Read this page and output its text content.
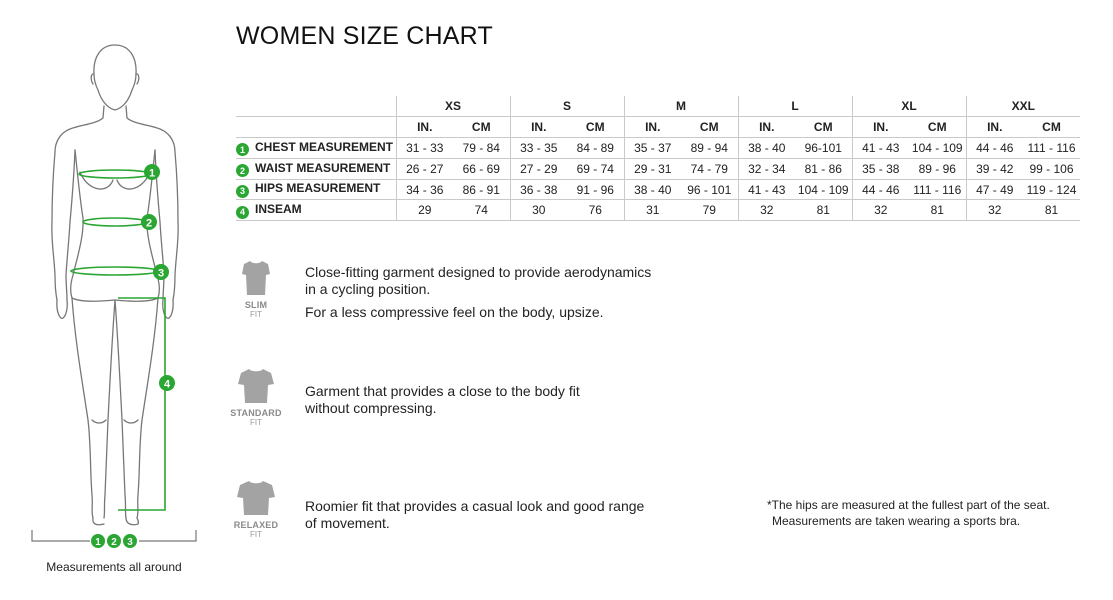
1
2
3
4
1 2 3
Measurements all around
WOMEN SIZE CHART
	XS		S		M		L		XL		XXL	
	IN.	CM	IN.	CM	IN.	CM	IN.	CM	IN.	CM	IN.	CM
1 CHEST MEASUREMENT	31 - 33	79 - 84	33 - 35	84 - 89	35 - 37	89 - 94	38 - 40	96-101	41 - 43	104 - 109	44 - 46	111 - 116
2 WAIST MEASUREMENT	26 - 27	66 - 69	27 - 29	69 - 74	29 - 31	74 - 79	32 - 34	81 - 86	35 - 38	89 - 96	39 - 42	99 - 106
3 HIPS MEASUREMENT	34 - 36	86 - 91	36 - 38	91 - 96	38 - 40	96 - 101	41 - 43	104 - 109	44 - 46	111 - 116	47 - 49	119 - 124
4 INSEAM	29	74	30	76	31	79	32	81	32	81	32	81
SLIM
FIT

Close-fitting garment designed to provide aerodynamics
in a cycling position.

For a less compressive feel on the body, upsize.

STANDARD
FIT

Garment that provides a close to the body fit
without compressing.

RELAXED
FIT

Roomier fit that provides a casual look and good range
of movement.

*The hips are measured at the fullest part of the seat.
Measurements are taken wearing a sports bra.
